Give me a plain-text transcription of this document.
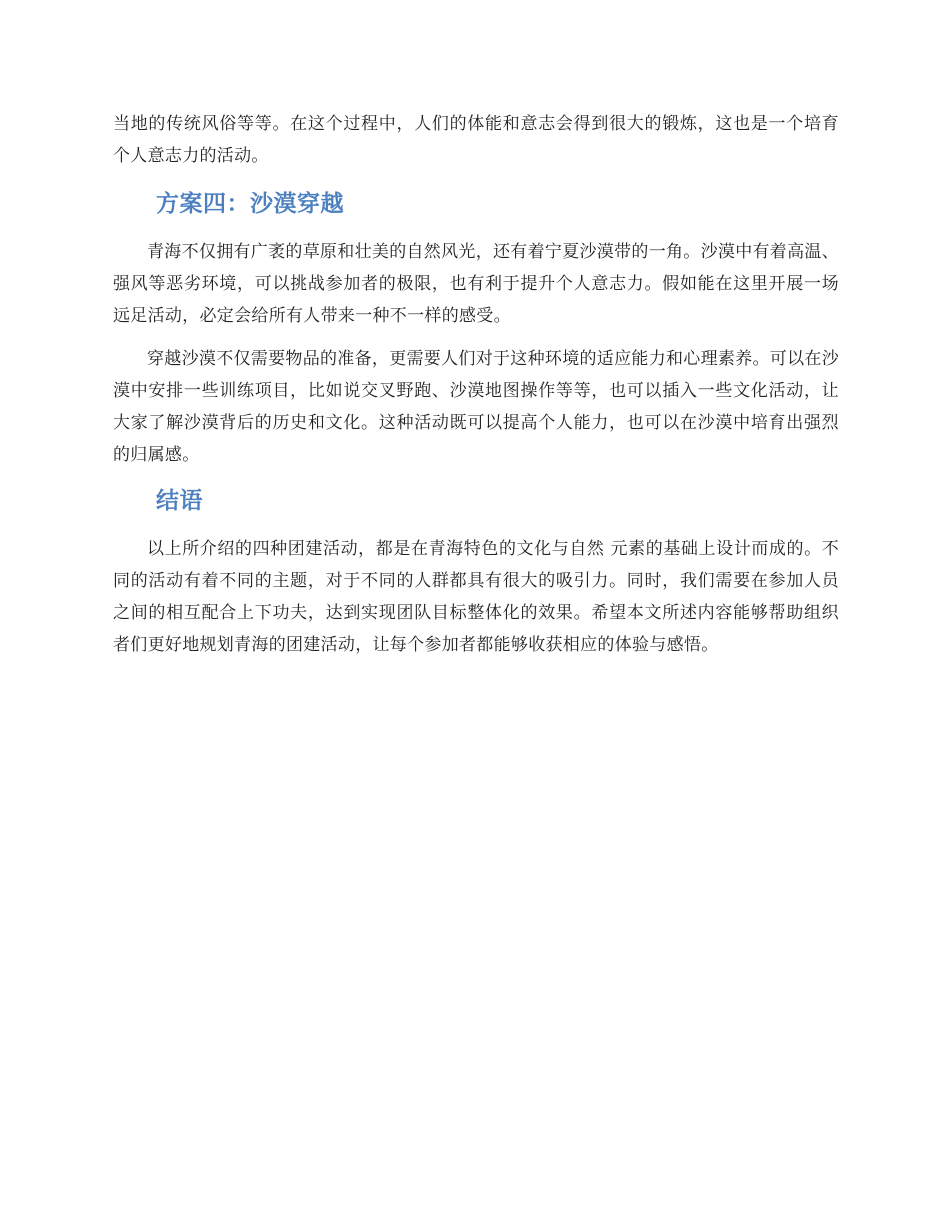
当地的传统风俗等等。在这个过程中，人们的体能和意志会得到很大的锻炼，这也是一个培育个人意志力的活动。

方案四：沙漠穿越

青海不仅拥有广袤的草原和壮美的自然风光，还有着宁夏沙漠带的一角。沙漠中有着高温、强风等恶劣环境，可以挑战参加者的极限，也有利于提升个人意志力。假如能在这里开展一场远足活动，必定会给所有人带来一种不一样的感受。

穿越沙漠不仅需要物品的准备，更需要人们对于这种环境的适应能力和心理素养。可以在沙漠中安排一些训练项目，比如说交叉野跑、沙漠地图操作等等，也可以插入一些文化活动，让大家了解沙漠背后的历史和文化。这种活动既可以提高个人能力，也可以在沙漠中培育出强烈的归属感。

结语

以上所介绍的四种团建活动，都是在青海特色的文化与自然 元素的基础上设计而成的。不同的活动有着不同的主题，对于不同的人群都具有很大的吸引力。同时，我们需要在参加人员之间的相互配合上下功夫，达到实现团队目标整体化的效果。希望本文所述内容能够帮助组织者们更好地规划青海的团建活动，让每个参加者都能够收获相应的体验与感悟。
